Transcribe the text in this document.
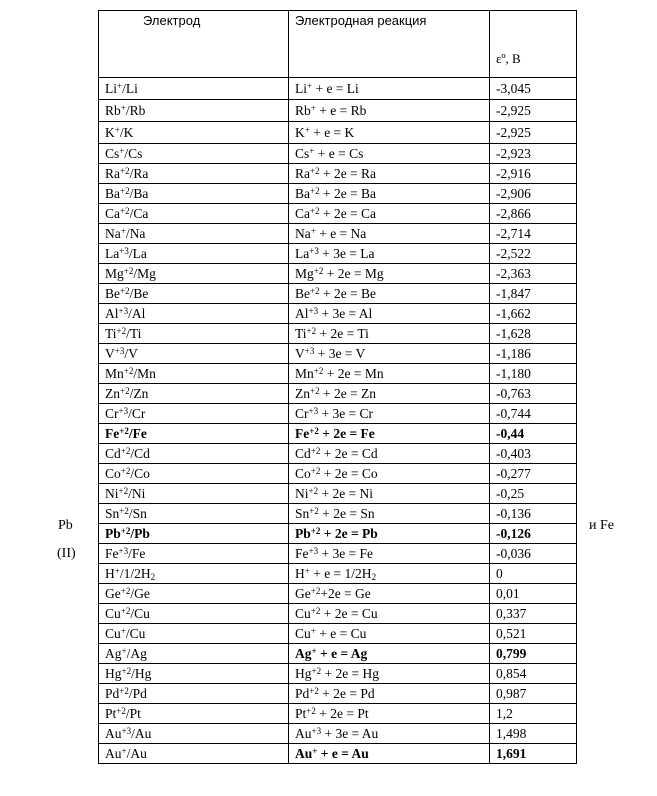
Pb
(II)
и Fe
Электрод	Электродная реакция	εº, В
Li+/Li	Li+ + e = Li	-3,045
Rb+/Rb	Rb+ + e = Rb	-2,925
K+/K	K+ + e = K	-2,925
Cs+/Cs	Cs+ + e = Cs	-2,923
$Ra^{+2}/Ra$	$Ra^{+2} + 2e = Ra$	-2,916
$Ba^{+2}/Ba$	$Ba^{+2} + 2e = Ba$	-2,906
$Ca^{+2}/Ca$	$Ca^{+2} + 2e = Ca$	-2,866
Na+/Na	Na+ + e = Na	-2,714
$La^{+3}/La$	$La^{+3} + 3e = La$	-2,522
$Mg^{+2}/Mg$	$Mg^{+2} + 2e = Mg$	-2,363
$Be^{+2}/Be$	$Be^{+2} + 2e = Be$	-1,847
$Al^{+3}/Al$	$Al^{+3} + 3e = Al$	-1,662
$Ti^{+2}/Ti$	$Ti^{+2} + 2e = Ti$	-1,628
$V^{+3}/V$	$V^{+3} + 3e = V$	-1,186
$Mn^{+2}/Mn$	$Mn^{+2} + 2e = Mn$	-1,180
$Zn^{+2}/Zn$	$Zn^{+2} + 2e = Zn$	-0,763
$Cr^{+3}/Cr$	$Cr^{+3} + 3e = Cr$	-0,744
$Fe^{+2}/Fe$	$Fe^{+2} + 2e = Fe$	-0,44
$Cd^{+2}/Cd$	$Cd^{+2} + 2e = Cd$	-0,403
$Co^{+2}/Co$	$Co^{+2} + 2e = Co$	-0,277
$Ni^{+2}/Ni$	$Ni^{+2} + 2e = Ni$	-0,25
$Sn^{+2}/Sn$	$Sn^{+2} + 2e = Sn$	-0,136
$Pb^{+2}/Pb$	$Pb^{+2} + 2e = Pb$	-0,126
$Fe^{+3}/Fe$	$Fe^{+3} + 3e = Fe$	-0,036
$H^+/1/2H_2$	$H^+ + e = 1/2H_2$	0
$Ge^{+2}/Ge$	$Ge^{+2}+2e = Ge$	0,01
$Cu^{+2}/Cu$	$Cu^{+2} + 2e = Cu$	0,337
Cu+/Cu	Cu+ + e = Cu	0,521
Ag+/Ag	Ag+ + e = Ag	0,799
$Hg^{+2}/Hg$	$Hg^{+2} + 2e = Hg$	0,854
$Pd^{+2}/Pd$	$Pd^{+2} + 2e = Pd$	0,987
$Pt^{+2}/Pt$	$Pt^{+2} + 2e = Pt$	1,2
$Au^{+3}/Au$	$Au^{+3} + 3e = Au$	1,498
Au+/Au	Au+ + e = Au	1,691
